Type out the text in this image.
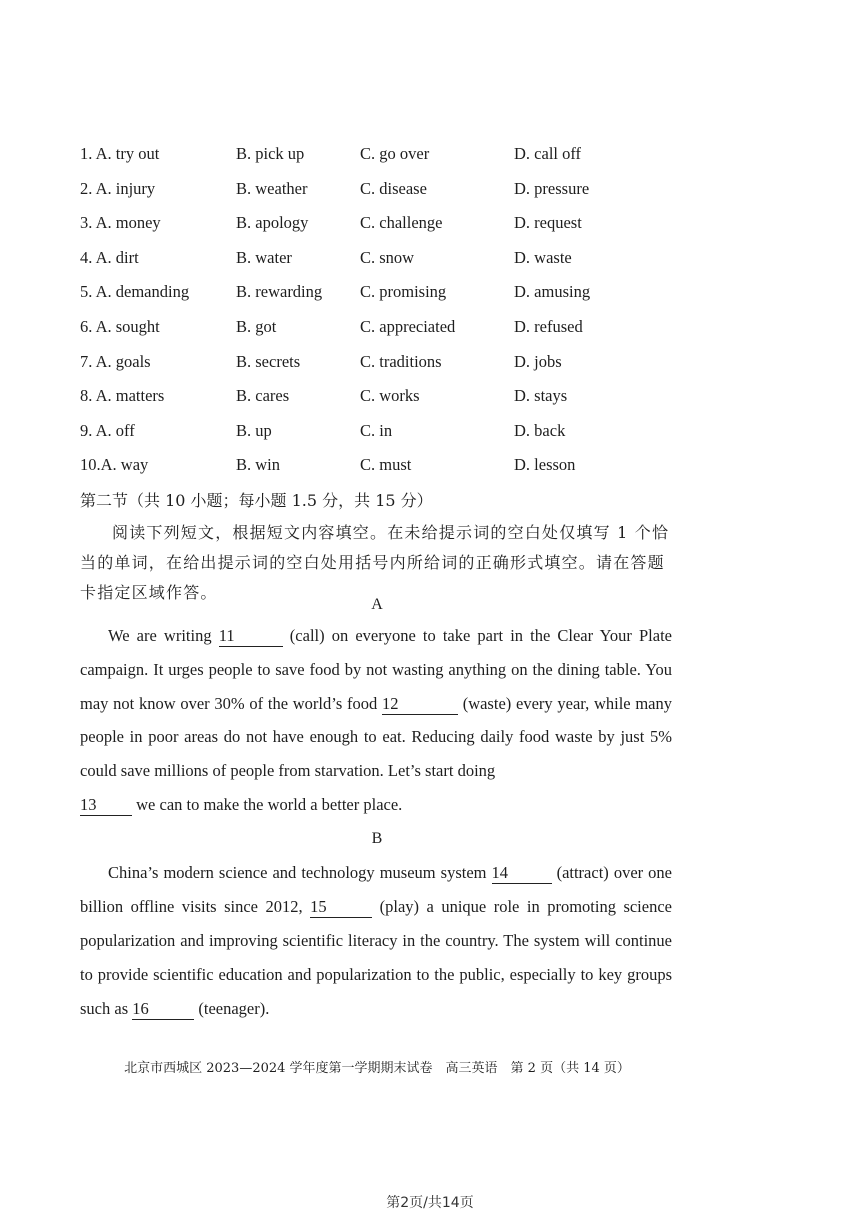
1. A. try out	B. pick up	C. go over	D. call off
2. A. injury	B. weather	C. disease	D. pressure
3. A. money	B. apology	C. challenge	D. request
4. A. dirt	B. water	C. snow	D. waste
5. A. demanding	B. rewarding C. promising	D. amusing
6. A. sought	B. got	C. appreciated	D. refused
7. A. goals	B. secrets	C. traditions	D. jobs
8. A. matters	B. cares	C. works	D. stays
9. A. off	B. up	C. in	D. back
10.A. way	B. win	C. must	D. lesson
第二节（共 10 小题；每小题 1.5 分，共 15 分）
阅读下列短文，根据短文内容填空。在未给提示词的空白处仅填写 1 个恰当的单词，在给出提示词的空白处用括号内所给词的正确形式填空。请在答题卡指定区域作答。
A

We are writing 11	(call) on everyone to take part in the Clear Your Plate campaign. It urges people to save food by not wasting anything on the dining table. You may not know over 30% of the world’s food 12	(waste) every year, while many people in poor areas do not have enough to eat. Reducing daily food waste by just 5% could save millions of people from starvation. Let’s start doing

13 we can to make the world a better place.
B

China’s modern science and technology museum system 14	(attract) over one billion offline visits since 2012, 15	(play) a unique role in promoting science popularization and improving scientific literacy in the country. The system will continue to provide scientific education and popularization to the public, especially to key groups such as 16	(teenager).

北京市西城区 2023—2024 学年度第一学期期末试卷　高三英语　第 2 页（共 14 页）
第2页/共14页
